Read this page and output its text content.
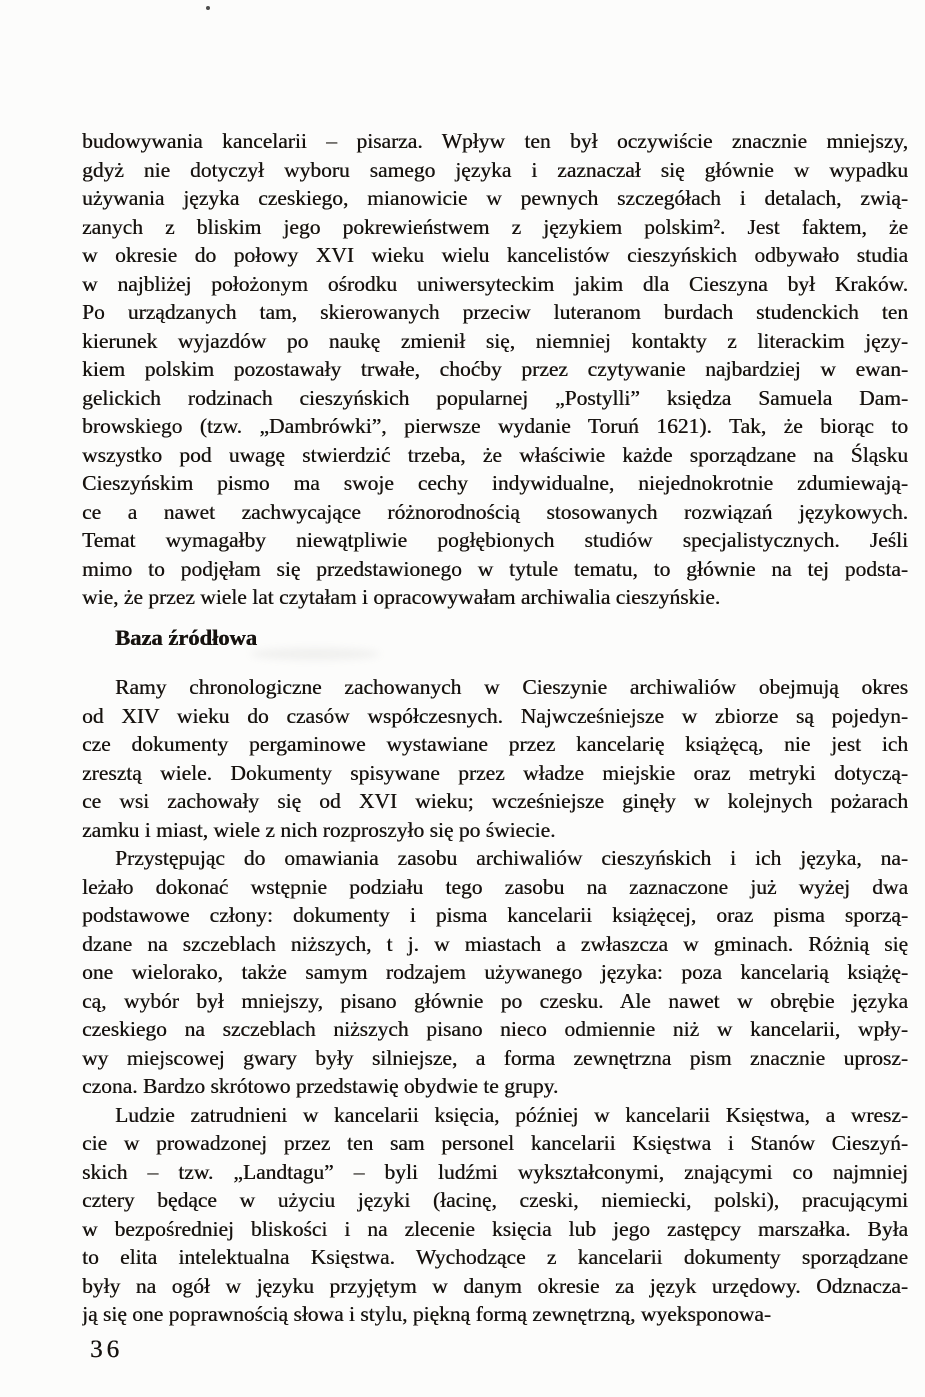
budowywania kancelarii – pisarza. Wpływ ten był oczywiście znacznie mniejszy,
gdyż nie dotyczył wyboru samego języka i zaznaczał się głównie w wypadku
używania języka czeskiego, mianowicie w pewnych szczegółach i detalach, zwią-
zanych z bliskim jego pokrewieństwem z językiem polskim². Jest faktem, że
w okresie do połowy XVI wieku wielu kancelistów cieszyńskich odbywało studia
w najbliżej położonym ośrodku uniwersyteckim jakim dla Cieszyna był Kraków.
Po urządzanych tam, skierowanych przeciw luteranom burdach studenckich ten
kierunek wyjazdów po naukę zmienił się, niemniej kontakty z literackim języ-
kiem polskim pozostawały trwałe, choćby przez czytywanie najbardziej w ewan-
gelickich rodzinach cieszyńskich popularnej „Postylli” księdza Samuela Dam-
browskiego (tzw. „Dambrówki”, pierwsze wydanie Toruń 1621). Tak, że biorąc to
wszystko pod uwagę stwierdzić trzeba, że właściwie każde sporządzane na Śląsku
Cieszyńskim pismo ma swoje cechy indywidualne, niejednokrotnie zdumiewają-
ce a nawet zachwycające różnorodnością stosowanych rozwiązań językowych.
Temat wymagałby niewątpliwie pogłębionych studiów specjalistycznych. Jeśli
mimo to podjęłam się przedstawionego w tytule tematu, to głównie na tej podsta-
wie, że przez wiele lat czytałam i opracowywałam archiwalia cieszyńskie.
Baza źródłowa
Ramy chronologiczne zachowanych w Cieszynie archiwaliów obejmują okres
od XIV wieku do czasów współczesnych. Najwcześniejsze w zbiorze są pojedyn-
cze dokumenty pergaminowe wystawiane przez kancelarię książęcą, nie jest ich
zresztą wiele. Dokumenty spisywane przez władze miejskie oraz metryki dotyczą-
ce wsi zachowały się od XVI wieku; wcześniejsze ginęły w kolejnych pożarach
zamku i miast, wiele z nich rozproszyło się po świecie.
Przystępując do omawiania zasobu archiwaliów cieszyńskich i ich języka, na-
leżało dokonać wstępnie podziału tego zasobu na zaznaczone już wyżej dwa
podstawowe człony: dokumenty i pisma kancelarii książęcej, oraz pisma sporzą-
dzane na szczeblach niższych, t j. w miastach a zwłaszcza w gminach. Różnią się
one wielorako, także samym rodzajem używanego języka: poza kancelarią książę-
cą, wybór był mniejszy, pisano głównie po czesku. Ale nawet w obrębie języka
czeskiego na szczeblach niższych pisano nieco odmiennie niż w kancelarii, wpły-
wy miejscowej gwary były silniejsze, a forma zewnętrzna pism znacznie uprosz-
czona. Bardzo skrótowo przedstawię obydwie te grupy.
Ludzie zatrudnieni w kancelarii księcia, później w kancelarii Księstwa, a wresz-
cie w prowadzonej przez ten sam personel kancelarii Księstwa i Stanów Cieszyń-
skich – tzw. „Landtagu” – byli ludźmi wykształconymi, znającymi co najmniej
cztery będące w użyciu języki (łacinę, czeski, niemiecki, polski), pracującymi
w bezpośredniej bliskości i na zlecenie księcia lub jego zastępcy marszałka. Była
to elita intelektualna Księstwa. Wychodzące z kancelarii dokumenty sporządzane
były na ogół w języku przyjętym w danym okresie za język urzędowy. Odznacza-
ją się one poprawnością słowa i stylu, piękną formą zewnętrzną, wyeksponowa-
36
